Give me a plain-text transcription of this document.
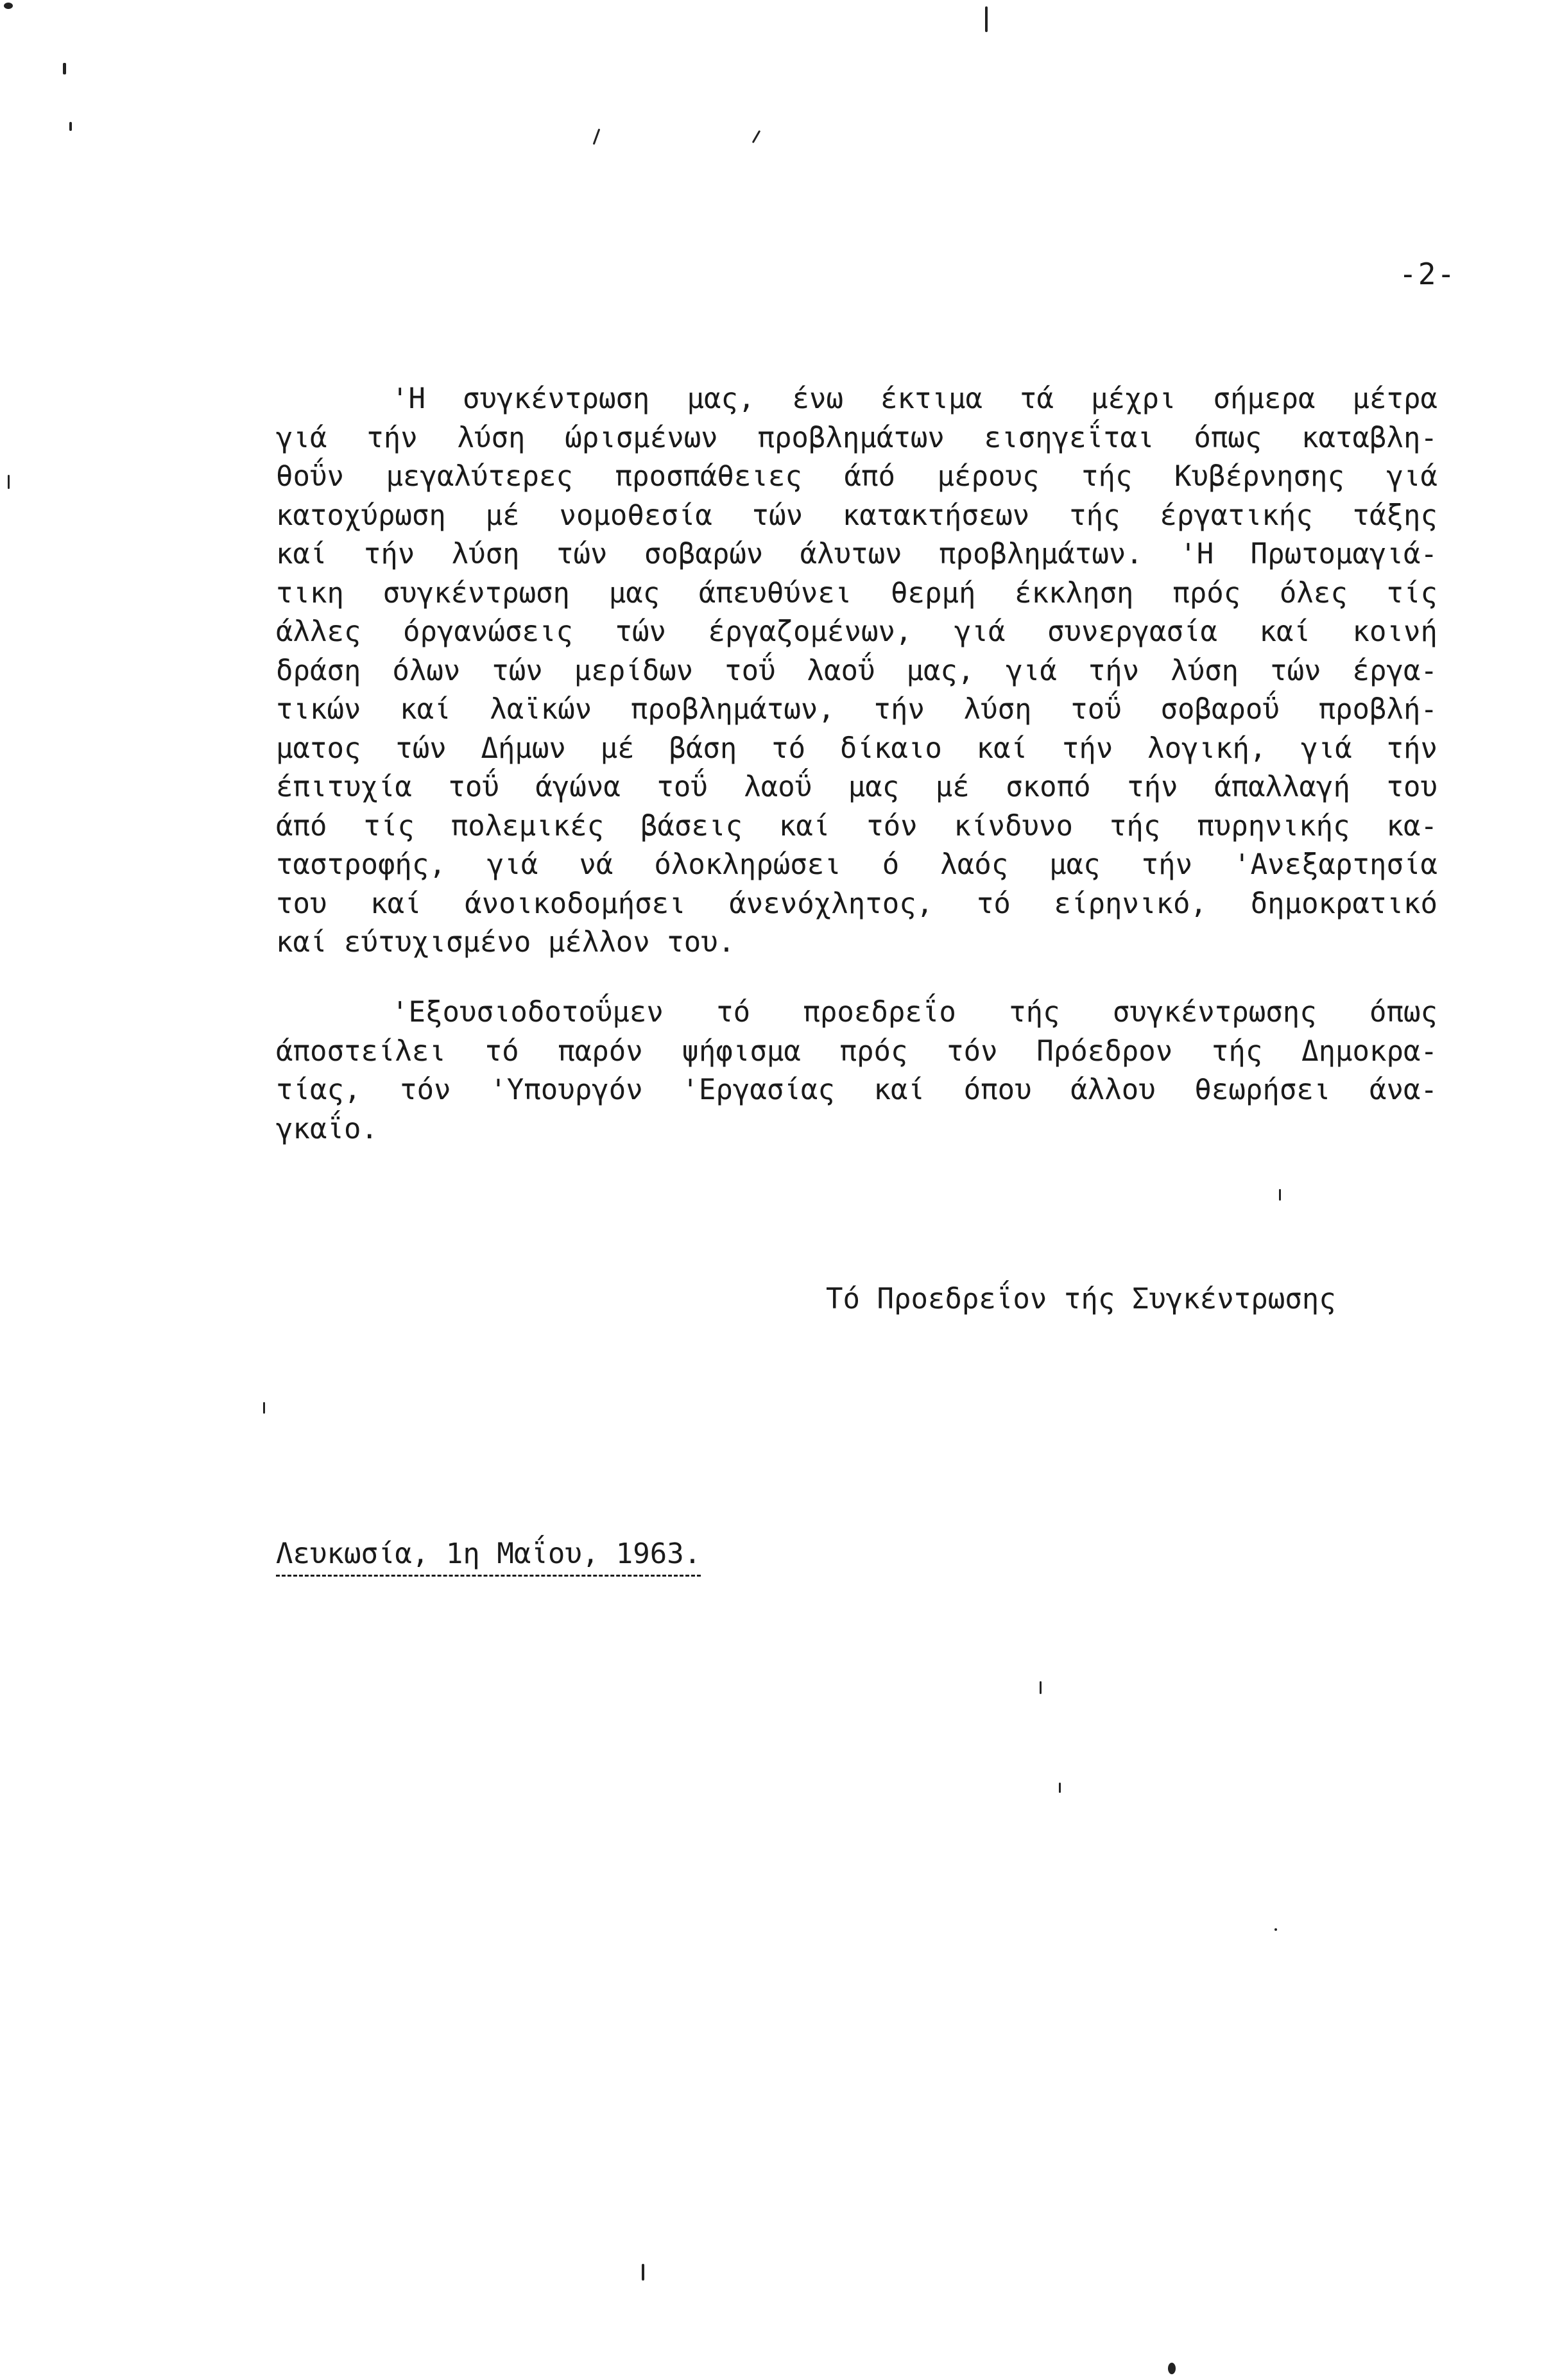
-2-
'Η συγκέντρωση μας, ένω έκτιμα τά μέχρι σήμερα μέτρα
γιά τήν λύση ώρισμένων προβλημάτων εισηγεΐται όπως καταβλη-
θοΰν μεγαλύτερες προσπάθειες άπό μέρους τής Κυβέρνησης γιά
κατοχύρωση μέ νομοθεσία τών κατακτήσεων τής έργατικής τάξης
καί τήν λύση τών σοβαρών άλυτων προβλημάτων. 'Η Πρωτομαγιά-
τικη συγκέντρωση μας άπευθύνει θερμή έκκληση πρός όλες τίς
άλλες όργανώσεις τών έργαζομένων, γιά συνεργασία καί κοινή
δράση όλων τών μερίδων τοΰ λαοΰ μας, γιά τήν λύση τών έργα-
τικών καί λαϊκών προβλημάτων, τήν λύση τοΰ σοβαροΰ προβλή-
ματος τών Δήμων μέ βάση τό δίκαιο καί τήν λογική, γιά τήν
έπιτυχία τοΰ άγώνα τοΰ λαοΰ μας μέ σκοπό τήν άπαλλαγή του
άπό τίς πολεμικές βάσεις καί τόν κίνδυνο τής πυρηνικής κα-
ταστροφής, γιά νά όλοκληρώσει ό λαός μας τήν 'Ανεξαρτησία
του καί άνοικοδομήσει άνενόχλητος, τό είρηνικό, δημοκρατικό
καί εύτυχισμένο μέλλον του.
'Εξουσιοδοτοΰμεν τό προεδρεΐο τής συγκέντρωσης όπως
άποστείλει τό παρόν ψήφισμα πρός τόν Πρόεδρον τής Δημοκρα-
τίας, τόν 'Υπουργόν 'Εργασίας καί όπου άλλου θεωρήσει άνα-
γκαΐο.
Τό Προεδρεΐον τής Συγκέντρωσης
Λευκωσία, 1η Μαΐου, 1963.
